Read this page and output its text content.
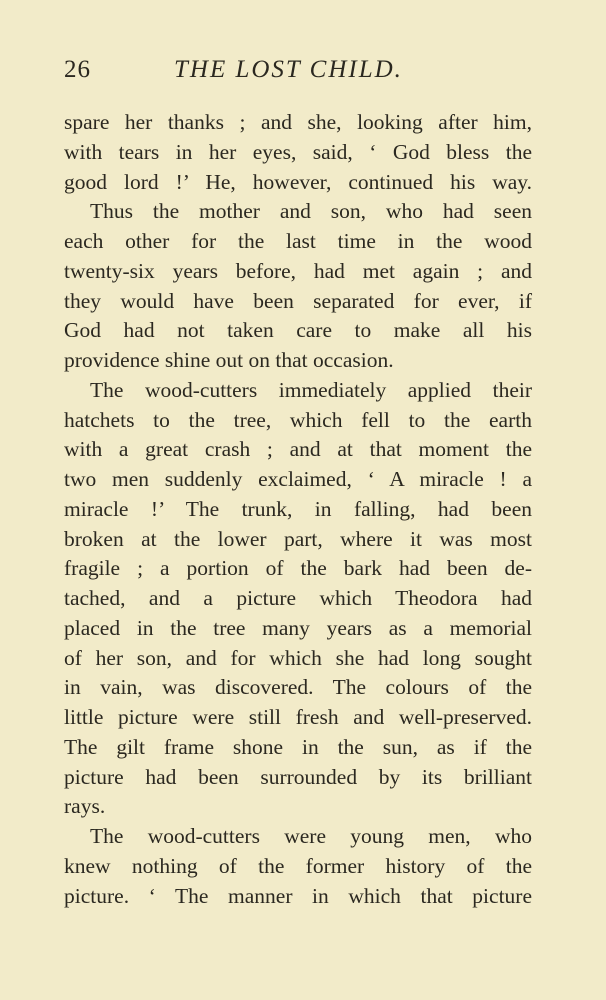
26	THE LOST CHILD.
spare her thanks ; and she, looking after him,
with tears in her eyes, said, ‘ God bless the
good lord !’ He, however, continued his way.
Thus the mother and son, who had seen
each other for the last time in the wood
twenty-six years before, had met again ; and
they would have been separated for ever, if
God had not taken care to make all his
providence shine out on that occasion.
The wood-cutters immediately applied their
hatchets to the tree, which fell to the earth
with a great crash ; and at that moment the
two men suddenly exclaimed, ‘ A miracle ! a
miracle !’ The trunk, in falling, had been
broken at the lower part, where it was most
fragile ; a portion of the bark had been de-
tached, and a picture which Theodora had
placed in the tree many years as a memorial
of her son, and for which she had long sought
in vain, was discovered. The colours of the
little picture were still fresh and well-preserved.
The gilt frame shone in the sun, as if the
picture had been surrounded by its brilliant
rays.
The wood-cutters were young men, who
knew nothing of the former history of the
picture. ‘ The manner in which that picture
